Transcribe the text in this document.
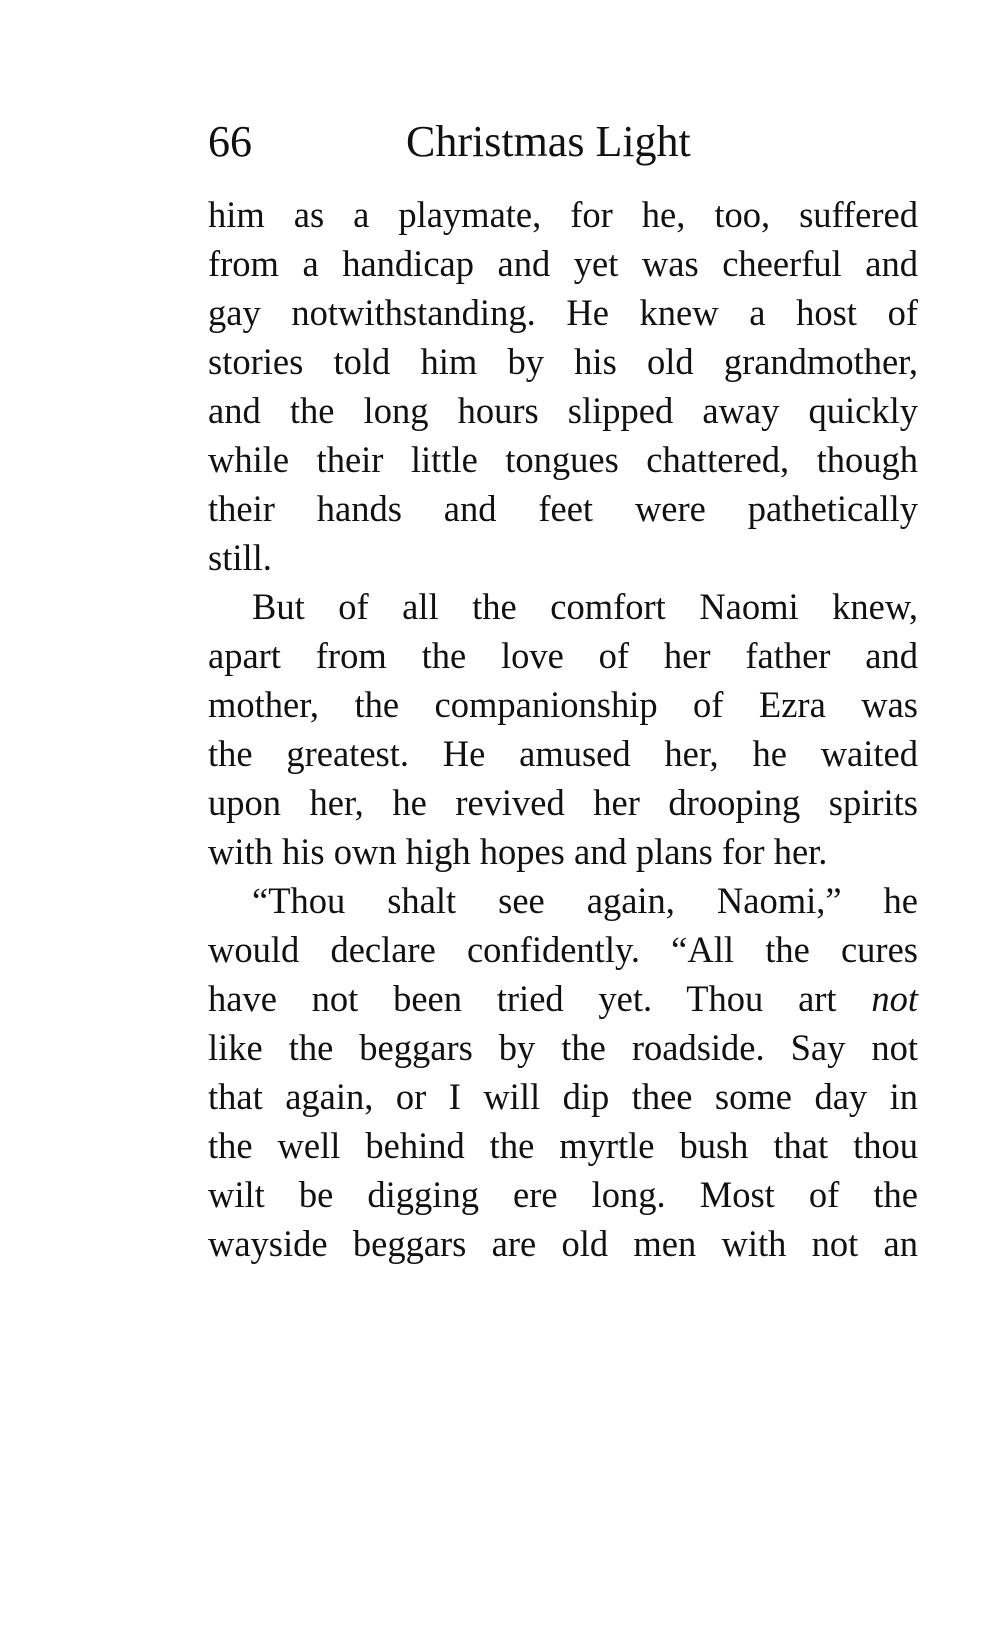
66	Christmas Light
him as a playmate, for he, too, suffered
from a handicap and yet was cheerful and
gay notwithstanding. He knew a host of
stories told him by his old grandmother,
and the long hours slipped away quickly
while their little tongues chattered, though
their hands and feet were pathetically
still.
But of all the comfort Naomi knew,
apart from the love of her father and
mother, the companionship of Ezra was
the greatest. He amused her, he waited
upon her, he revived her drooping spirits
with his own high hopes and plans for her.
“Thou shalt see again, Naomi,” he
would declare confidently. “All the cures
have not been tried yet. Thou art not
like the beggars by the roadside. Say not
that again, or I will dip thee some day in
the well behind the myrtle bush that thou
wilt be digging ere long. Most of the
wayside beggars are old men with not an
